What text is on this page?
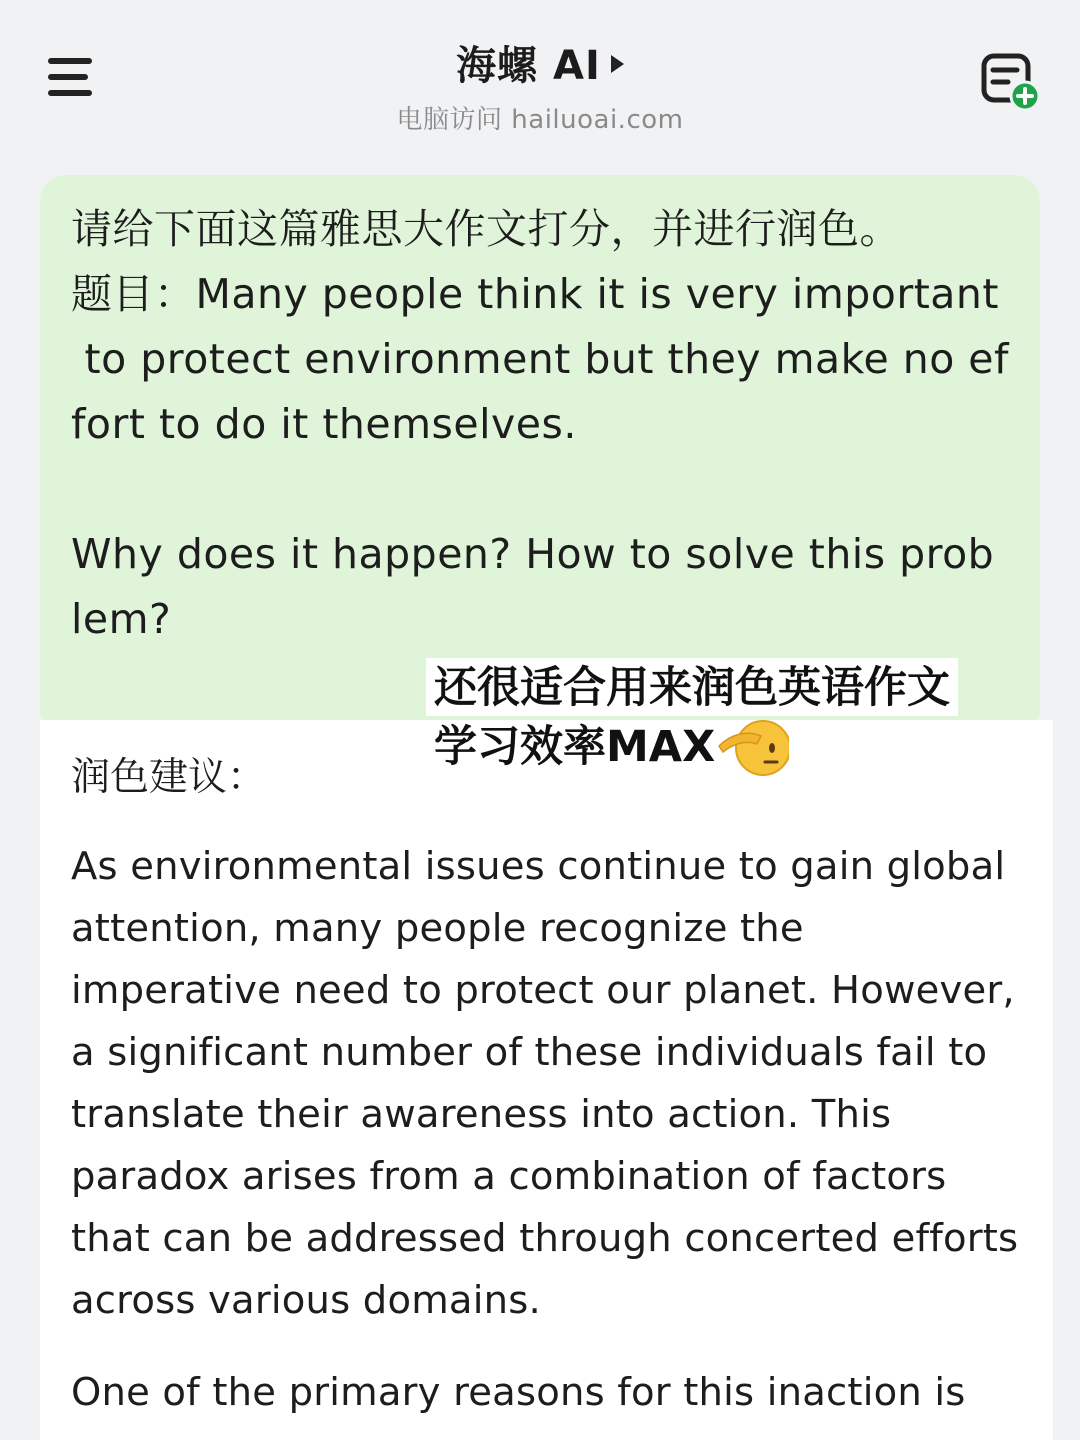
海螺 AI
电脑访问 hailuoai.com
请给下面这篇雅思大作文打分，并进行润色。
题目：Many people think it is very important
to protect environment but they make no ef
fort to do it themselves.

Why does it happen? How to solve this prob
lem?
润色建议：

As environmental issues continue to gain global attention, many people recognize the imperative need to protect our planet. However, a significant number of these individuals fail to translate their awareness into action. This paradox arises from a combination of factors that can be addressed through concerted efforts across various domains.

One of the primary reasons for this inaction is

还很适合用来润色英语作文
学习效率MAX
